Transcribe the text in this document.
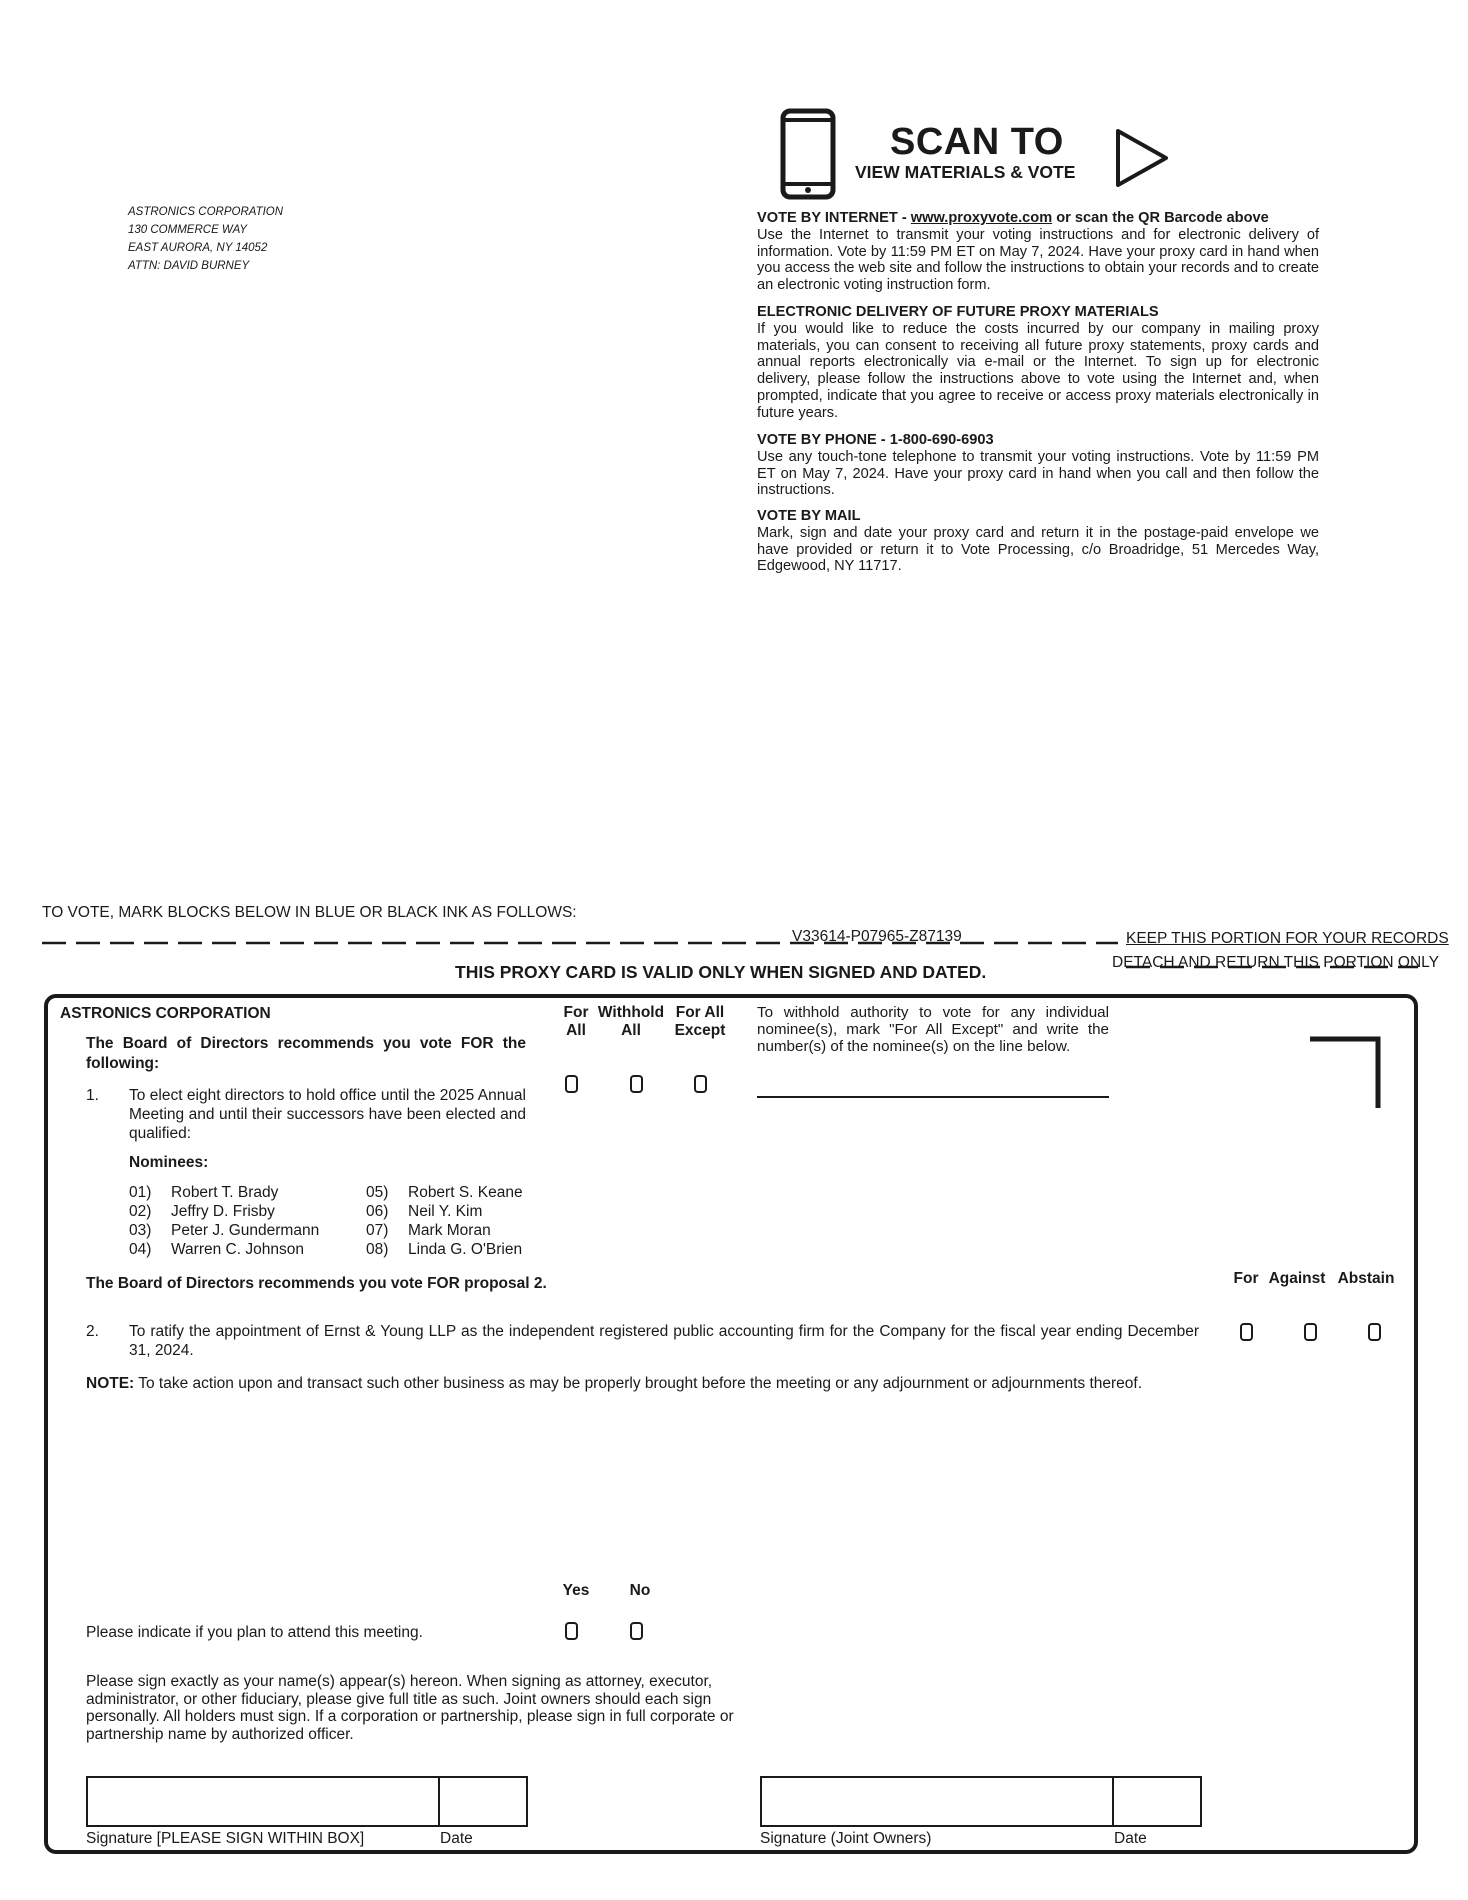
ASTRONICS CORPORATION
130 COMMERCE WAY
EAST AURORA, NY 14052
ATTN: DAVID BURNEY
SCAN TO
VIEW MATERIALS & VOTE
VOTE BY INTERNET - www.proxyvote.com or scan the QR Barcode above
Use the Internet to transmit your voting instructions and for electronic delivery of information. Vote by 11:59 PM ET on May 7, 2024. Have your proxy card in hand when you access the web site and follow the instructions to obtain your records and to create an electronic voting instruction form.
ELECTRONIC DELIVERY OF FUTURE PROXY MATERIALS
If you would like to reduce the costs incurred by our company in mailing proxy materials, you can consent to receiving all future proxy statements, proxy cards and annual reports electronically via e-mail or the Internet. To sign up for electronic delivery, please follow the instructions above to vote using the Internet and, when prompted, indicate that you agree to receive or access proxy materials electronically in future years.
VOTE BY PHONE - 1-800-690-6903
Use any touch-tone telephone to transmit your voting instructions. Vote by 11:59 PM ET on May 7, 2024. Have your proxy card in hand when you call and then follow the instructions.
VOTE BY MAIL
Mark, sign and date your proxy card and return it in the postage-paid envelope we have provided or return it to Vote Processing, c/o Broadridge, 51 Mercedes Way, Edgewood, NY 11717.
TO VOTE, MARK BLOCKS BELOW IN BLUE OR BLACK INK AS FOLLOWS:
V33614-P07965-Z87139	KEEP THIS PORTION FOR YOUR RECORDS
DETACH AND RETURN THIS PORTION ONLY
THIS PROXY CARD IS VALID ONLY WHEN SIGNED AND DATED.
ASTRONICS CORPORATION
The Board of Directors recommends you vote FOR the following:
1. To elect eight directors to hold office until the 2025 Annual Meeting and until their successors have been elected and qualified:
Nominees:
01) Robert T. Brady
02) Jeffry D. Frisby
03) Peter J. Gundermann
04) Warren C. Johnson
05) Robert S. Keane
06) Neil Y. Kim
07) Mark Moran
08) Linda G. O'Brien
For All
Withhold All
For All Except
To withhold authority to vote for any individual nominee(s), mark "For All Except" and write the number(s) of the nominee(s) on the line below.
The Board of Directors recommends you vote FOR proposal 2.	For Against Abstain
2. To ratify the appointment of Ernst & Young LLP as the independent registered public accounting firm for the Company for the fiscal year ending December 31, 2024.
NOTE: To take action upon and transact such other business as may be properly brought before the meeting or any adjournment or adjournments thereof.
Yes	No
Please indicate if you plan to attend this meeting.
Please sign exactly as your name(s) appear(s) hereon. When signing as attorney, executor, administrator, or other fiduciary, please give full title as such. Joint owners should each sign personally. All holders must sign. If a corporation or partnership, please sign in full corporate or partnership name by authorized officer.
Signature [PLEASE SIGN WITHIN BOX]	Date	Signature (Joint Owners)	Date
